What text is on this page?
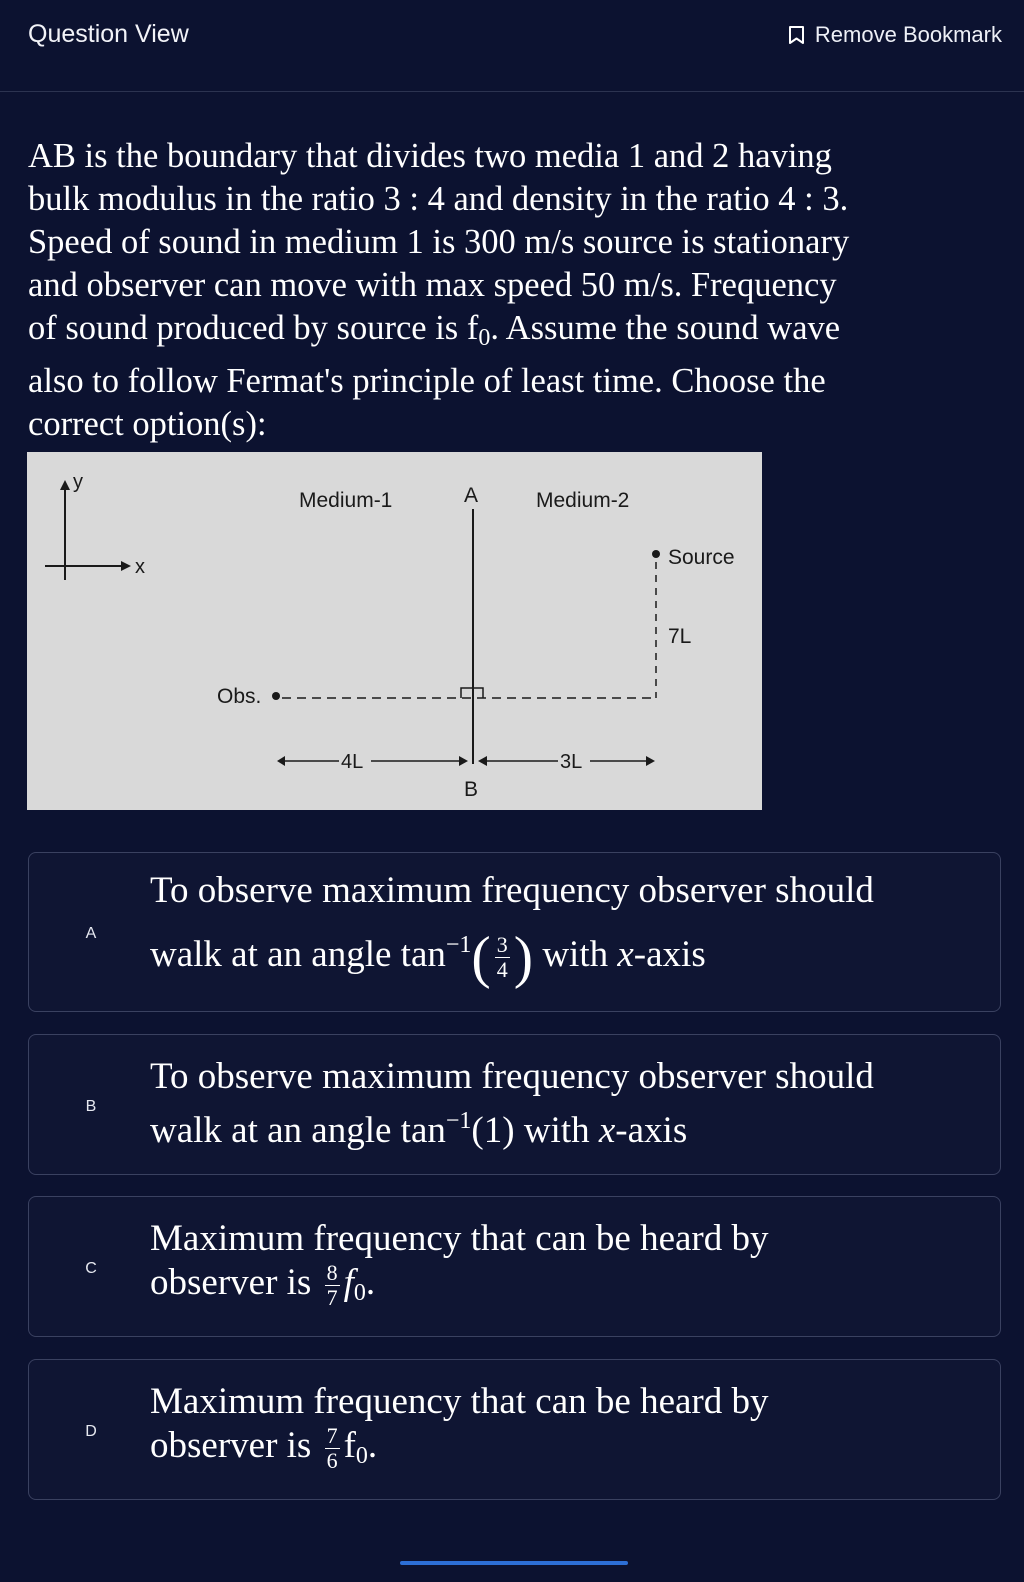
Question View	Remove Bookmark
AB is the boundary that divides two media 1 and 2 having
bulk modulus in the ratio 3 : 4 and density in the ratio 4 : 3.
Speed of sound in medium 1 is 300 m/s source is stationary
and observer can move with max speed 50 m/s. Frequency
of sound produced by source is $f_0$. Assume the sound wave
also to follow Fermat's principle of least time. Choose the
correct option(s):
y
x
Medium-1	A	Medium-2
Source
7L
Obs.
4L	3L
B
A
To observe maximum frequency observer should
walk at an angle $\tan^{-1}( \frac{3}{4}$ ) with x-axis
B
To observe maximum frequency observer should
walk at an angle $\tan^{-1}(1)$ with x-axis
C
Maximum frequency that can be heard by
observer is $\frac{8}{7} f_0$.
D
Maximum frequency that can be heard by
observer is $\frac{7}{6} f_0$.
